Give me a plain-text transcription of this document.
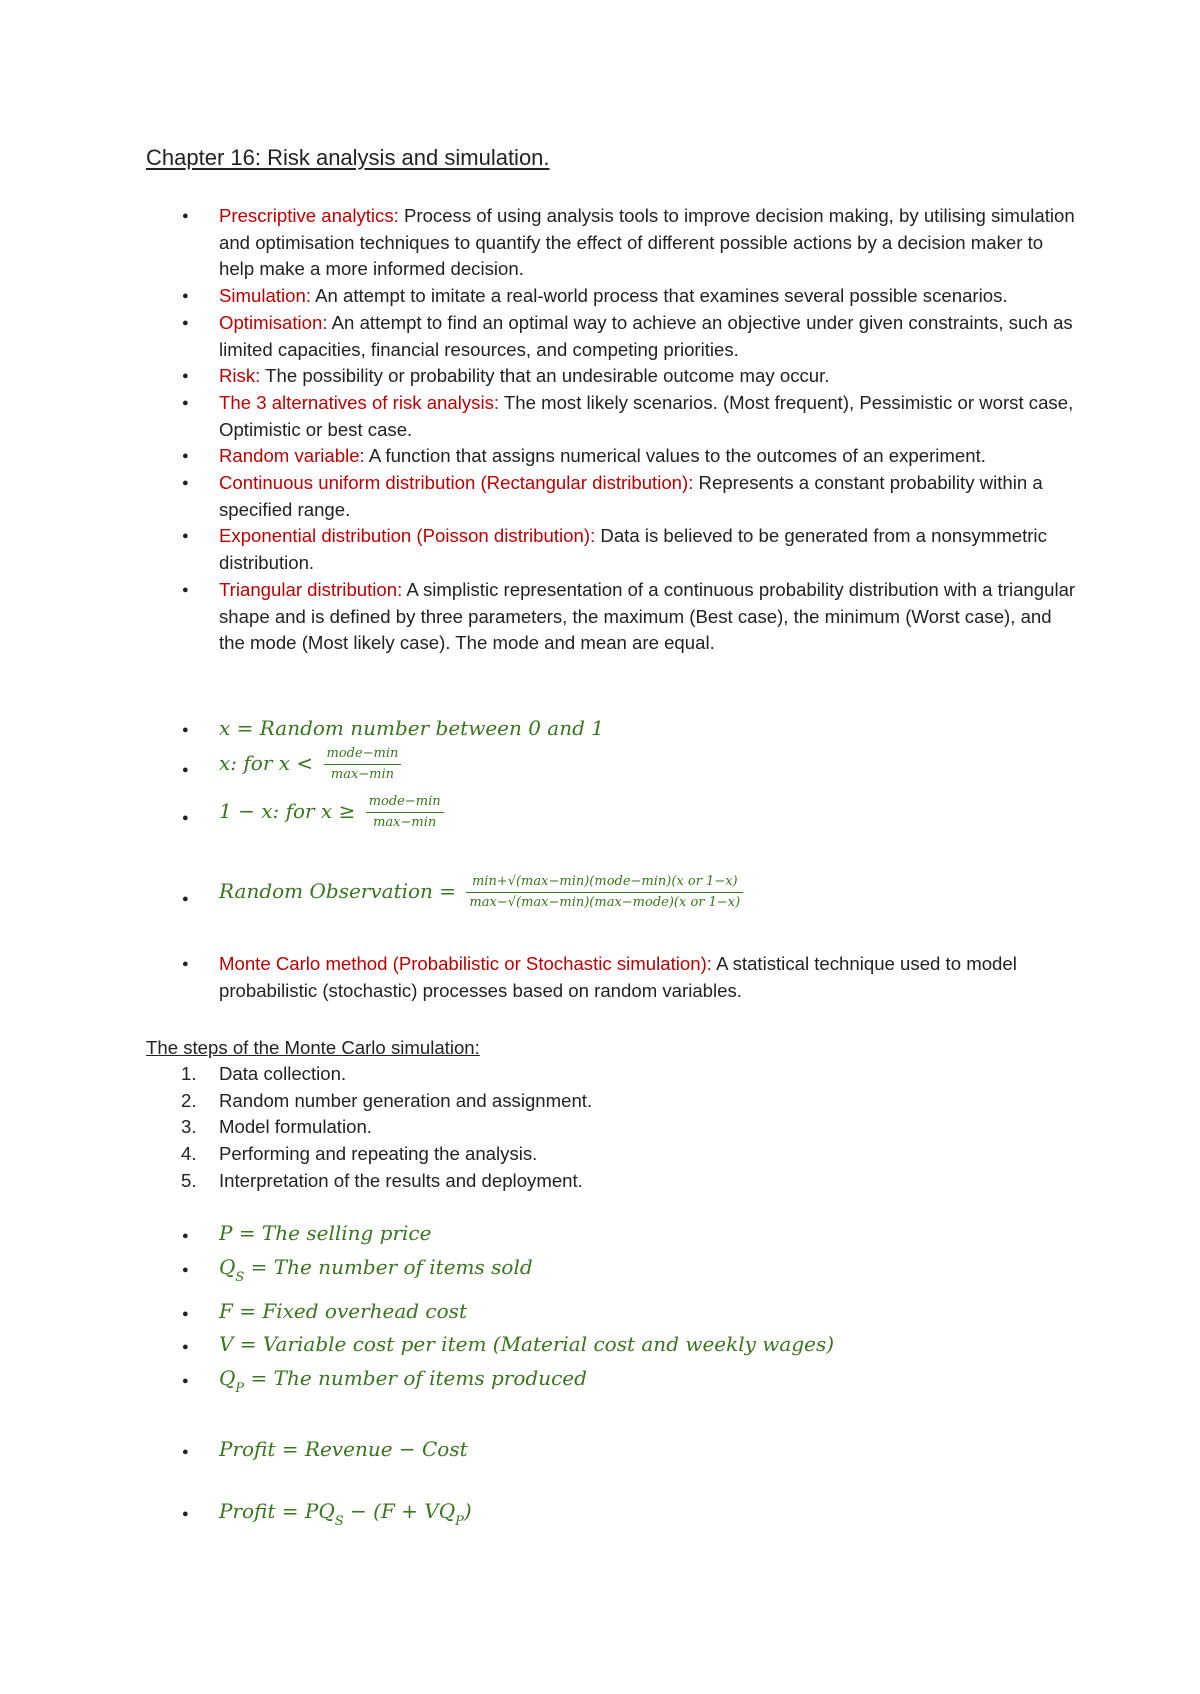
Chapter 16: Risk analysis and simulation.
● Prescriptive analytics: Process of using analysis tools to improve decision making, by utilising simulation and optimisation techniques to quantify the effect of different possible actions by a decision maker to help make a more informed decision.
● Simulation: An attempt to imitate a real-world process that examines several possible scenarios.
● Optimisation: An attempt to find an optimal way to achieve an objective under given constraints, such as limited capacities, financial resources, and competing priorities.
● Risk: The possibility or probability that an undesirable outcome may occur.
● The 3 alternatives of risk analysis: The most likely scenarios. (Most frequent), Pessimistic or worst case, Optimistic or best case.
● Random variable: A function that assigns numerical values to the outcomes of an experiment.
● Continuous uniform distribution (Rectangular distribution): Represents a constant probability within a specified range.
● Exponential distribution (Poisson distribution): Data is believed to be generated from a nonsymmetric distribution.
● Triangular distribution: A simplistic representation of a continuous probability distribution with a triangular shape and is defined by three parameters, the maximum (Best case), the minimum (Worst case), and the mode (Most likely case). The mode and mean are equal.
● x = Random number between 0 and 1
● x: for $x < \frac{\text{mode−min}}{\max-\min}$
● 1 − x: for $x \ge \frac{\text{mode−min}}{\max-\min}$
● Random Observation = $\frac{\text{min+√(max−min)(mode−min)(x or 1−x)}}{\text{max−√(max−min)(max−mode)(x or 1−x)}}$
● Monte Carlo method (Probabilistic or Stochastic simulation): A statistical technique used to model probabilistic (stochastic) processes based on random variables.
The steps of the Monte Carlo simulation:
1. Data collection.
2. Random number generation and assignment.
3. Model formulation.
4. Performing and repeating the analysis.
5. Interpretation of the results and deployment.
● P = The selling price
● $Q_S$ = The number of items sold
● F = Fixed overhead cost
● V = Variable cost per item (Material cost and weekly wages)
● $Q_P$ = The number of items produced
● Profit = Revenue − Cost
● Profit = $PQ_S - (F + VQ_P)$
